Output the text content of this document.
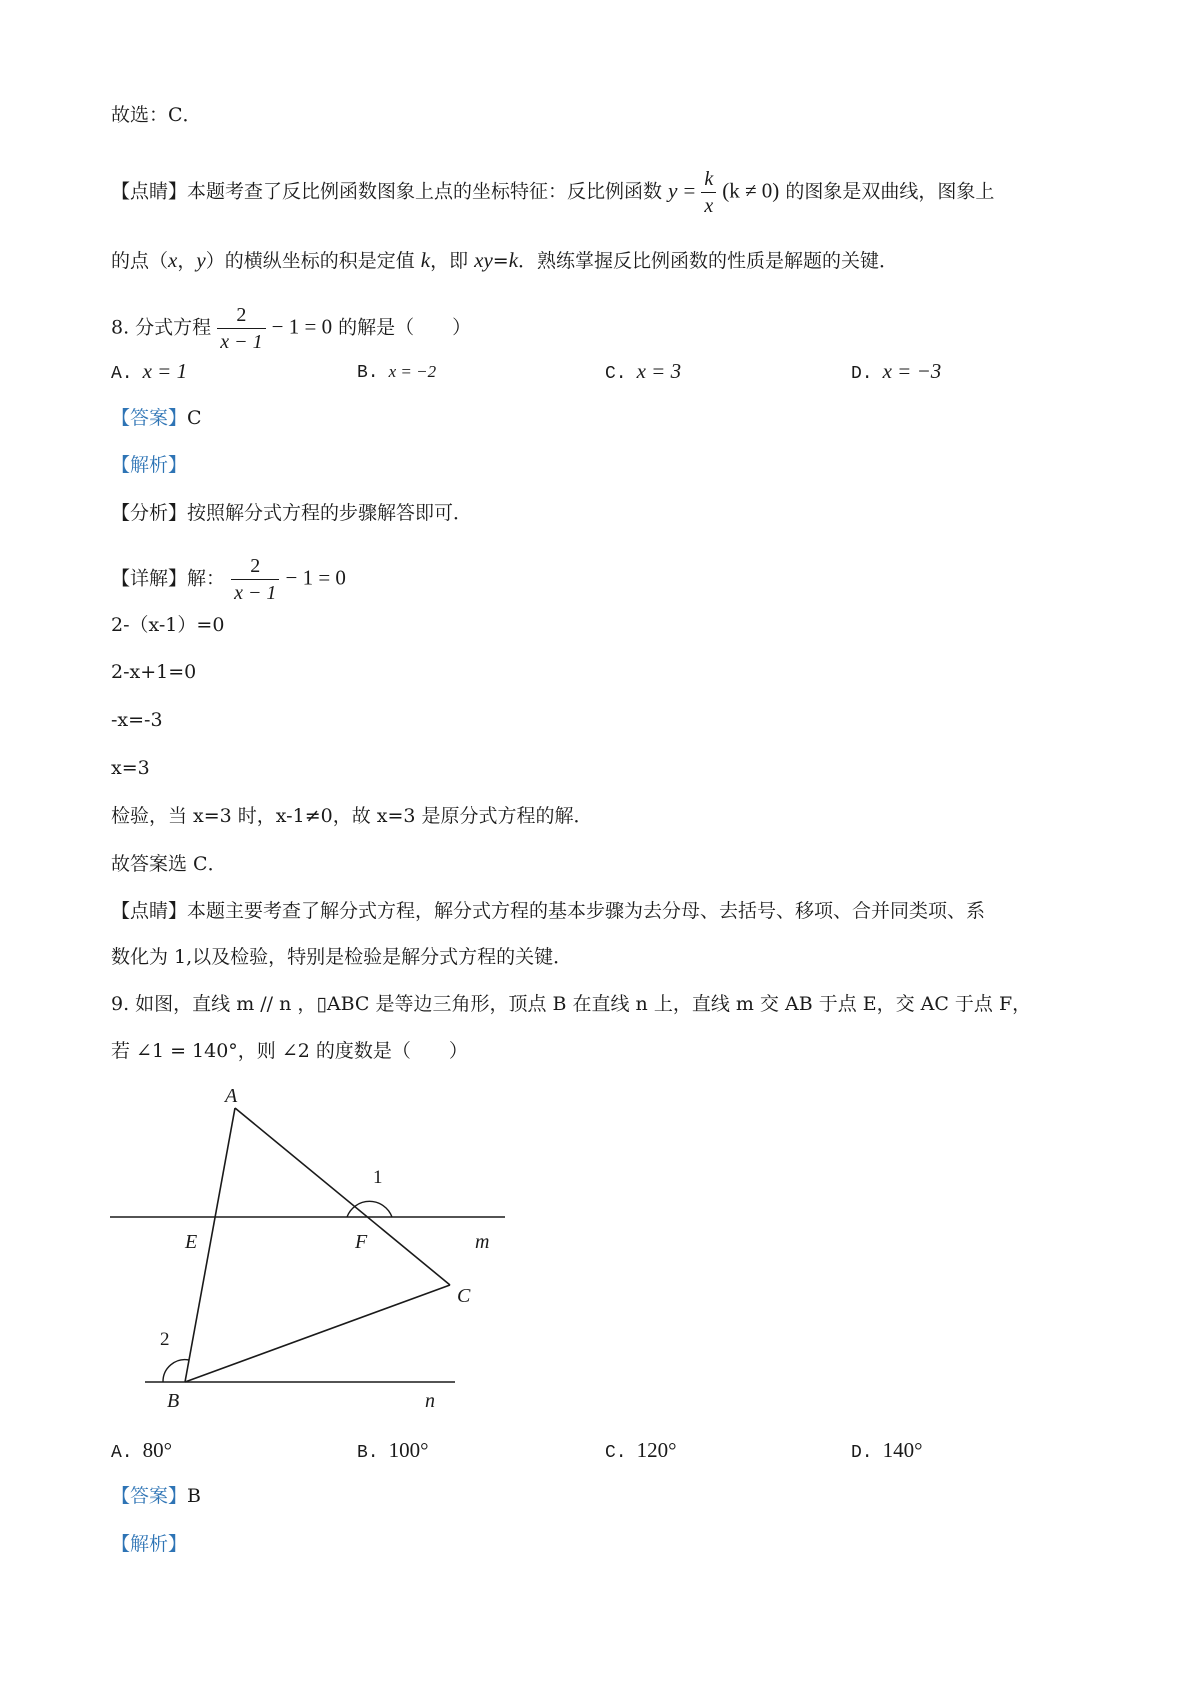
故选：C．
【点睛】本题考查了反比例函数图象上点的坐标特征：反比例函数 $y = \frac{k}{x} (k \ne 0)$ 的图象是双曲线，图象上
的点（x，y）的横纵坐标的积是定值 k，即 xy=k．熟练掌握反比例函数的性质是解题的关键．
8. 分式方程 $\frac{2}{x - 1} - 1 = 0$ 的解是（　　）
A. x = 1	B. x = −2	C. x = 3	D. x = −3
【答案】C
【解析】
【分析】按照解分式方程的步骤解答即可．
【详解】解： $\frac{2}{x - 1} - 1 = 0$
2-（x-1）=0
2-x+1=0
-x=-3
x=3
检验，当 x=3 时，x-1≠0，故 x=3 是原分式方程的解．
故答案选 C．
【点睛】本题主要考查了解分式方程，解分式方程的基本步骤为去分母、去括号、移项、合并同类项、系
数化为 1,以及检验，特别是检验是解分式方程的关键．
9. 如图，直线 m // n ，▯ABC 是等边三角形，顶点 B 在直线 n 上，直线 m 交 AB 于点 E，交 AC 于点 F，
若 ∠1 = 140°，则 ∠2 的度数是（　　）
A
E	F	m
C
B	n
1
2
A. 80°	B. 100°	C. 120°	D. 140°
【答案】B
【解析】
